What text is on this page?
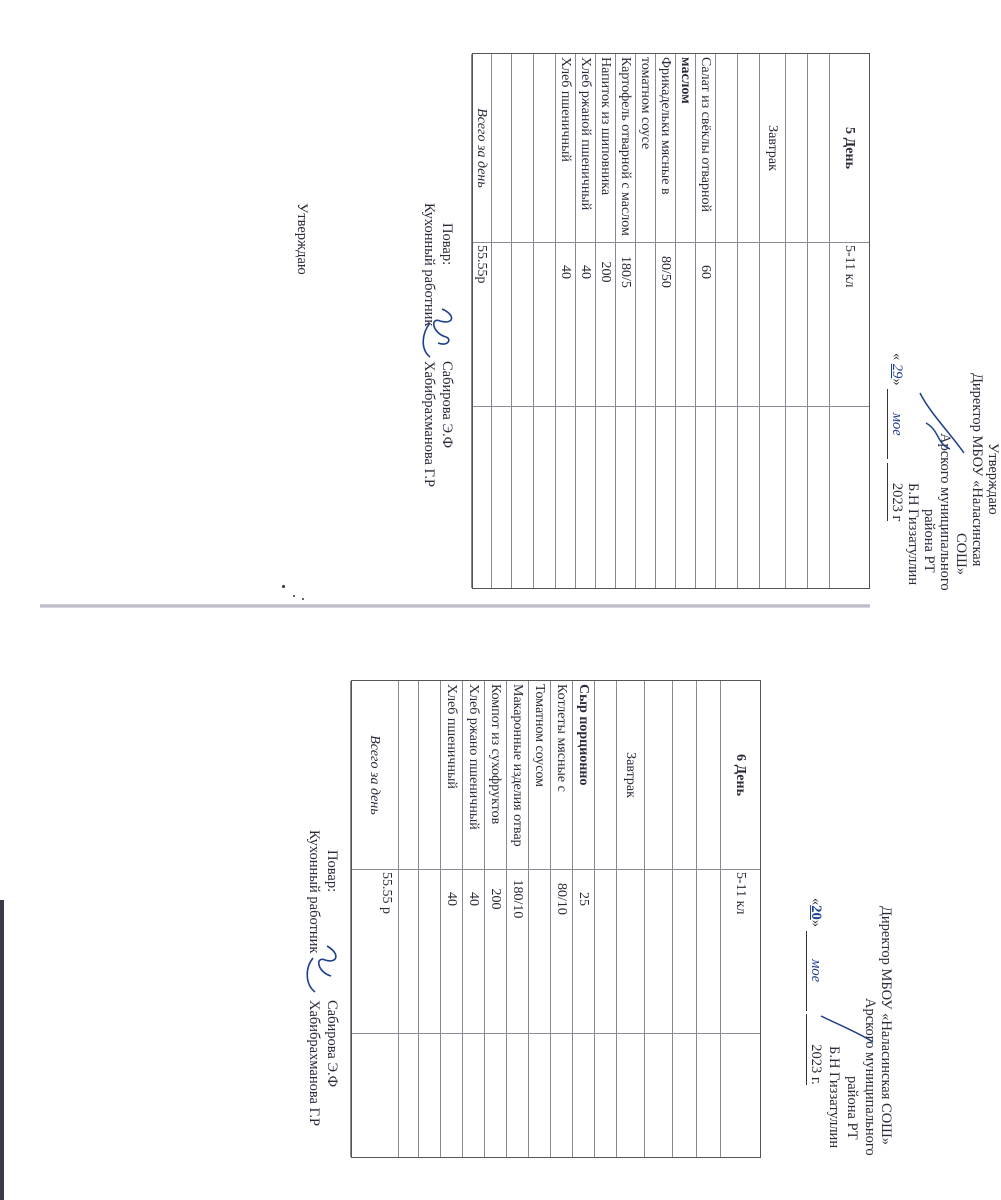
5 День
5-11 кл
Завтрак
Салат из свёклы отварной
60
маслом
Фрикадельки мясные в
80/50
томатном соусе
Картофель отварной с маслом
180/5
Напиток из шиповника
200
Хлеб ржаной пшеничный
40
Хлеб пшеничный
40
Всего за день
55.55р
Повар:
Кухонный работник
Сабирова Э.Ф
Хабибрахманова Г.Р
Утверждаю
Утверждаю
Директор МБОУ «Наласинская
СОШ»
Арского муниципального
района РТ
Б.Н Гиззатуллин
« 29» мое 2023 г
6 День
5-11 кл
Завтрак
Сыр порционно
25
Котлеты мясные с
80/10
Томатном соусом
Макаронные изделия отвар
180/10
Компот из сухофруктов
200
Хлеб ржано пшеничный
40
Хлеб пшеничный
40
Всего за день
55.55 р
Повар:
Кухонный работник
Сабирова Э.Ф
Хабибрахманова Г.Р	Директор МБОУ «Наласинская СОШ»
Арского муниципального
района РТ
Б.Н Гиззатуллин
«20» мое 2023 г.
